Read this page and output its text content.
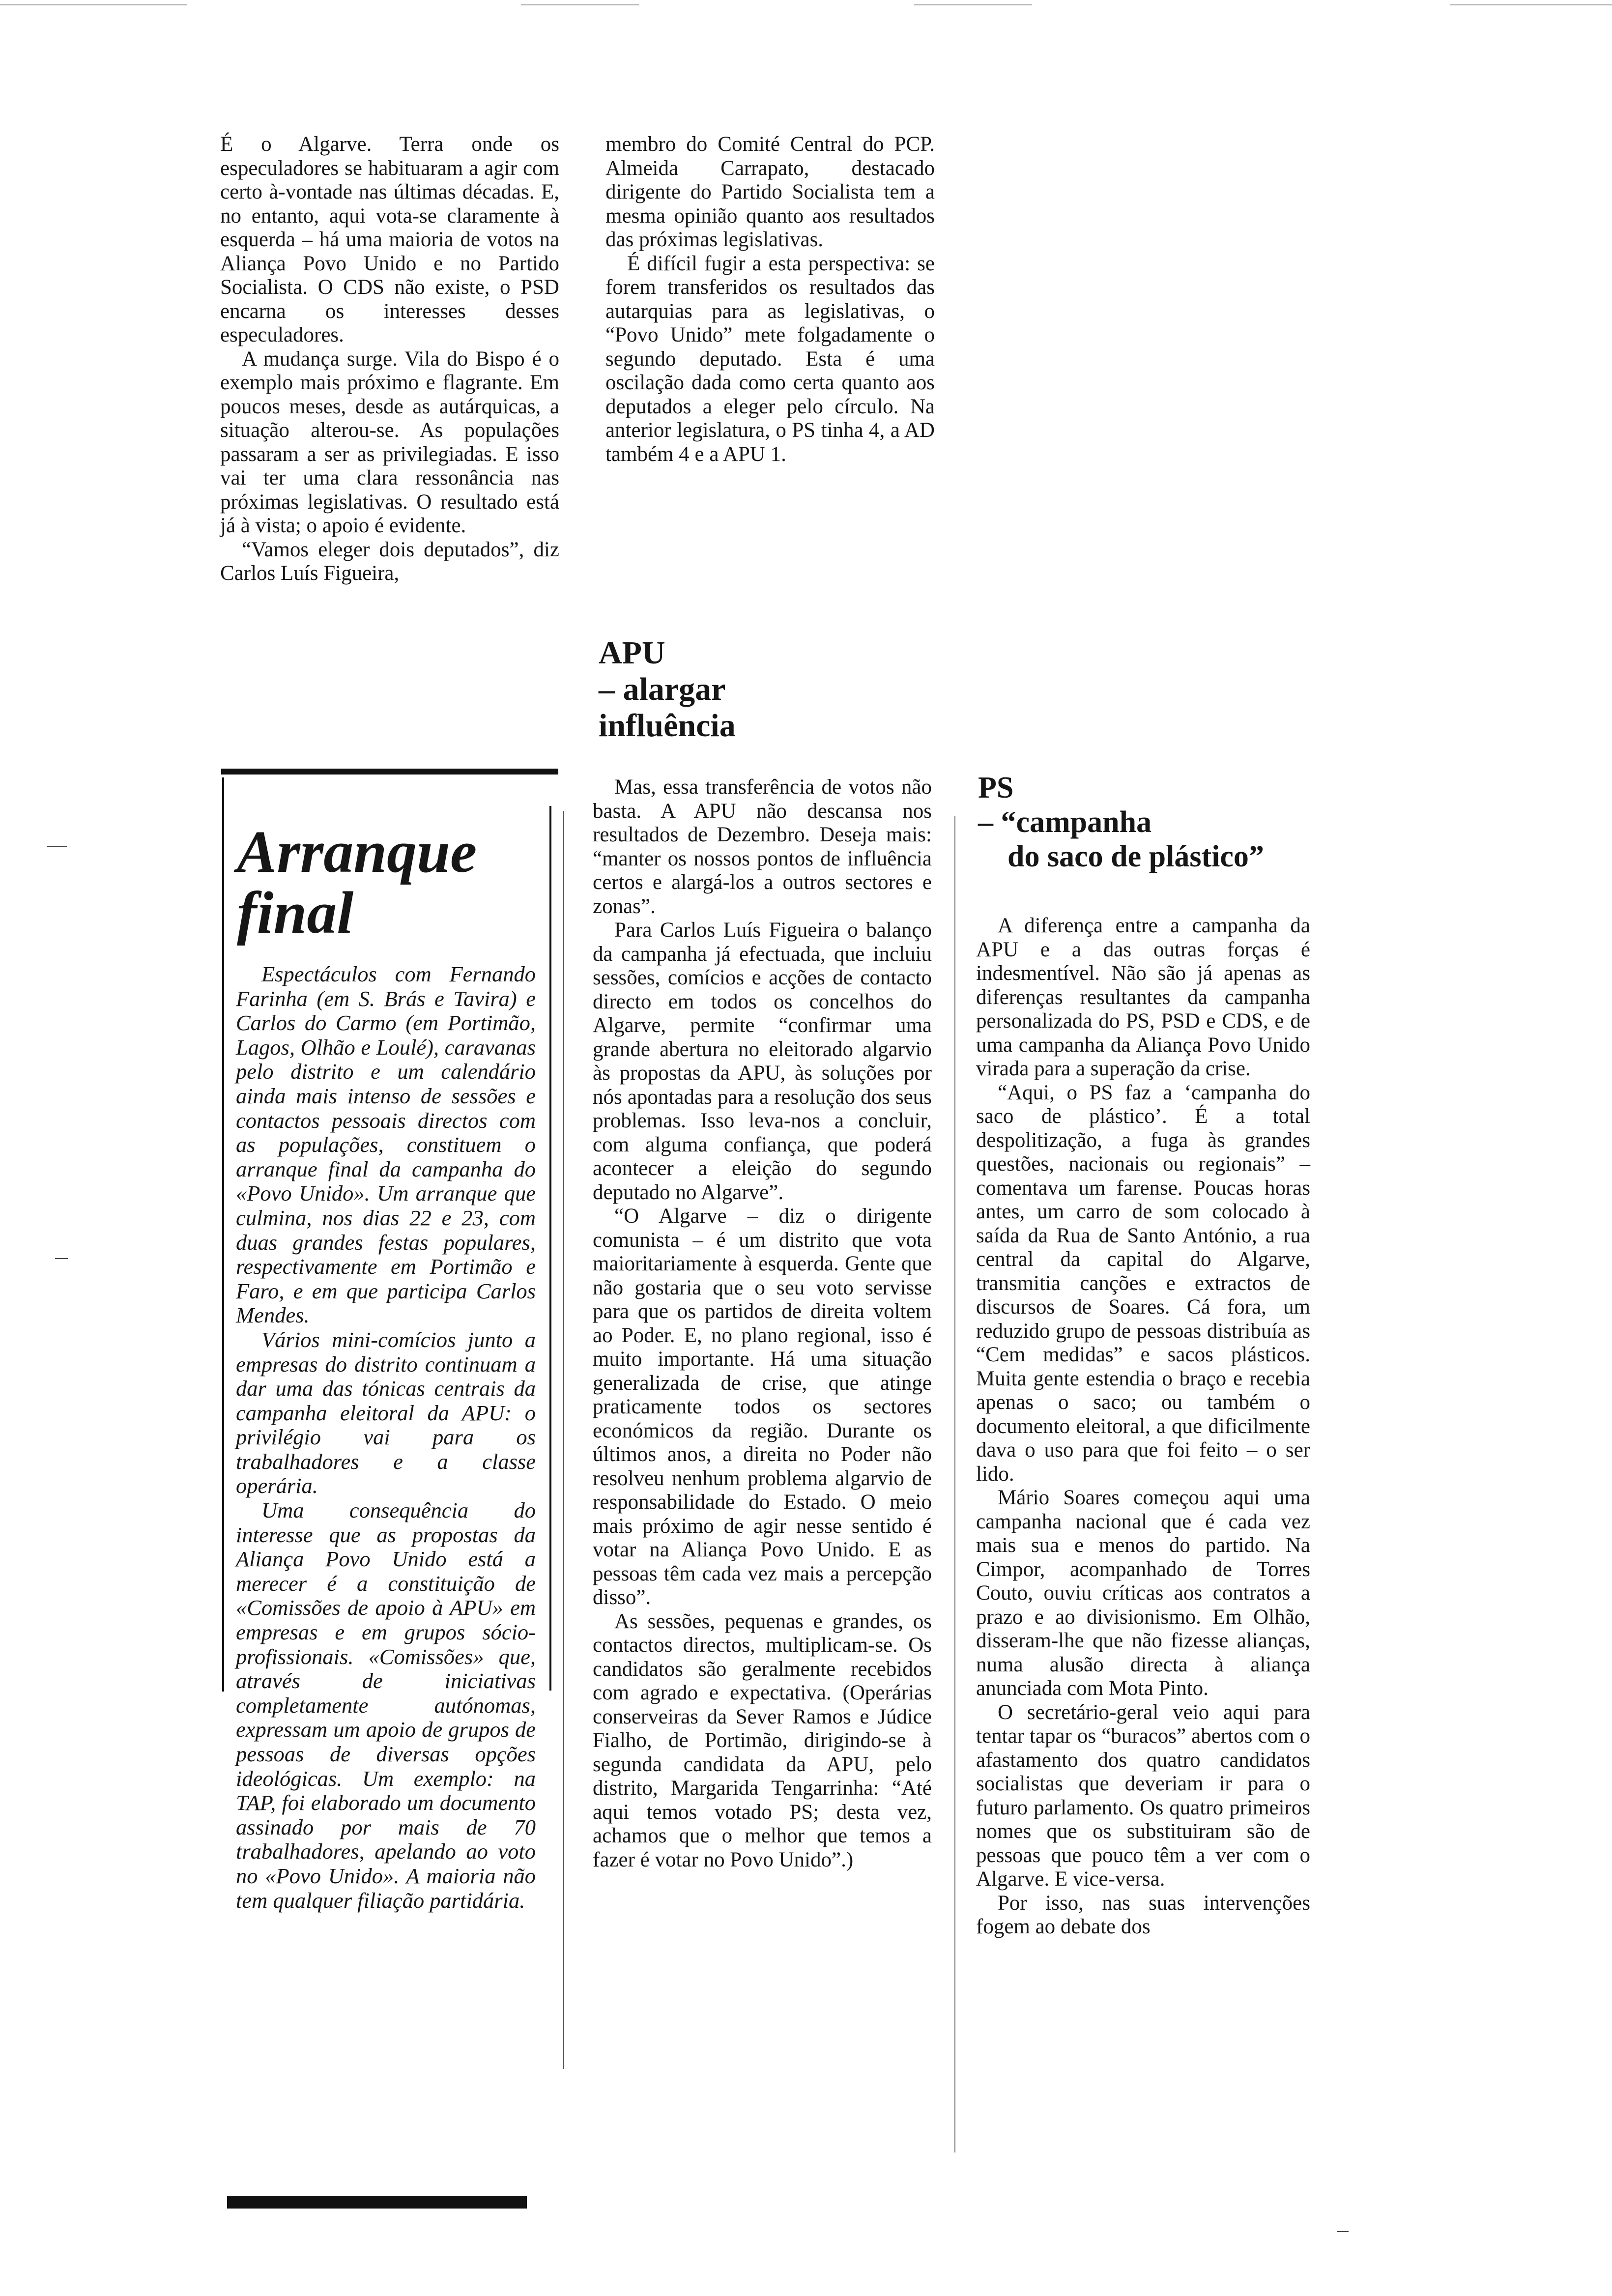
É o Algarve. Terra onde os especuladores se habituaram a agir com certo à-vontade nas últimas décadas. E, no entanto, aqui vota-se claramente à esquerda – há uma maioria de votos na Aliança Povo Unido e no Partido Socialista. O CDS não existe, o PSD encarna os interesses desses especuladores.

A mudança surge. Vila do Bispo é o exemplo mais próximo e flagrante. Em poucos meses, desde as autárquicas, a situação alterou-se. As populações passaram a ser as privilegiadas. E isso vai ter uma clara ressonância nas próximas legislativas. O resultado está já à vista; o apoio é evidente.

“Vamos eleger dois deputados”, diz Carlos Luís Figueira,

membro do Comité Central do PCP. Almeida Carrapato, destacado dirigente do Partido Socialista tem a mesma opinião quanto aos resultados das próximas legislativas.

É difícil fugir a esta perspectiva: se forem transferidos os resultados das autarquias para as legislativas, o “Povo Unido” mete folgadamente o segundo deputado. Esta é uma oscilação dada como certa quanto aos deputados a eleger pelo círculo. Na anterior legislatura, o PS tinha 4, a AD também 4 e a APU 1.

APU
– alargar influência
Arranque
final

Espectáculos com Fernando Farinha (em S. Brás e Tavira) e Carlos do Carmo (em Portimão, Lagos, Olhão e Loulé), caravanas pelo distrito e um calendário ainda mais intenso de sessões e contactos pessoais directos com as populações, constituem o arranque final da campanha do «Povo Unido». Um arranque que culmina, nos dias 22 e 23, com duas grandes festas populares, respectivamente em Portimão e Faro, e em que participa Carlos Mendes.

Vários mini-comícios junto a empresas do distrito continuam a dar uma das tónicas centrais da campanha eleitoral da APU: o privilégio vai para os trabalhadores e a classe operária.

Uma consequência do interesse que as propostas da Aliança Povo Unido está a merecer é a constituição de «Comissões de apoio à APU» em empresas e em grupos sócio-profissionais. «Comissões» que, através de iniciativas completamente autónomas, expressam um apoio de grupos de pessoas de diversas opções ideológicas. Um exemplo: na TAP, foi elaborado um documento assinado por mais de 70 trabalhadores, apelando ao voto no «Povo Unido». A maioria não tem qualquer filiação partidária.

Mas, essa transferência de votos não basta. A APU não descansa nos resultados de Dezembro. Deseja mais: “manter os nossos pontos de influência certos e alargá-los a outros sectores e zonas”.

Para Carlos Luís Figueira o balanço da campanha já efectuada, que incluiu sessões, comícios e acções de contacto directo em todos os concelhos do Algarve, permite “confirmar uma grande abertura no eleitorado algarvio às propostas da APU, às soluções por nós apontadas para a resolução dos seus problemas. Isso leva-nos a concluir, com alguma confiança, que poderá acontecer a eleição do segundo deputado no Algarve”.

“O Algarve – diz o dirigente comunista – é um distrito que vota maioritariamente à esquerda. Gente que não gostaria que o seu voto servisse para que os partidos de direita voltem ao Poder. E, no plano regional, isso é muito importante. Há uma situação generalizada de crise, que atinge praticamente todos os sectores económicos da região. Durante os últimos anos, a direita no Poder não resolveu nenhum problema algarvio de responsabilidade do Estado. O meio mais próximo de agir nesse sentido é votar na Aliança Povo Unido. E as pessoas têm cada vez mais a percepção disso”.

As sessões, pequenas e grandes, os contactos directos, multiplicam-se. Os candidatos são geralmente recebidos com agrado e expectativa. (Operárias conserveiras da Sever Ramos e Júdice Fialho, de Portimão, dirigindo-se à segunda candidata da APU, pelo distrito, Margarida Tengarrinha: “Até aqui temos votado PS; desta vez, achamos que o melhor que temos a fazer é votar no Povo Unido”.)

PS
– “campanha
do saco de plástico”

A diferença entre a campanha da APU e a das outras forças é indesmentível. Não são já apenas as diferenças resultantes da campanha personalizada do PS, PSD e CDS, e de uma campanha da Aliança Povo Unido virada para a superação da crise.

“Aqui, o PS faz a ‘campanha do saco de plástico’. É a total despolitização, a fuga às grandes questões, nacionais ou regionais” – comentava um farense. Poucas horas antes, um carro de som colocado à saída da Rua de Santo António, a rua central da capital do Algarve, transmitia canções e extractos de discursos de Soares. Cá fora, um reduzido grupo de pessoas distribuía as “Cem medidas” e sacos plásticos. Muita gente estendia o braço e recebia apenas o saco; ou também o documento eleitoral, a que dificilmente dava o uso para que foi feito – o ser lido.

Mário Soares começou aqui uma campanha nacional que é cada vez mais sua e menos do partido. Na Cimpor, acompanhado de Torres Couto, ouviu críticas aos contratos a prazo e ao divisionismo. Em Olhão, disseram-lhe que não fizesse alianças, numa alusão directa à aliança anunciada com Mota Pinto.

O secretário-geral veio aqui para tentar tapar os “buracos” abertos com o afastamento dos quatro candidatos socialistas que deveriam ir para o futuro parlamento. Os quatro primeiros nomes que os substituiram são de pessoas que pouco têm a ver com o Algarve. E vice-versa.

Por isso, nas suas intervenções fogem ao debate dos
